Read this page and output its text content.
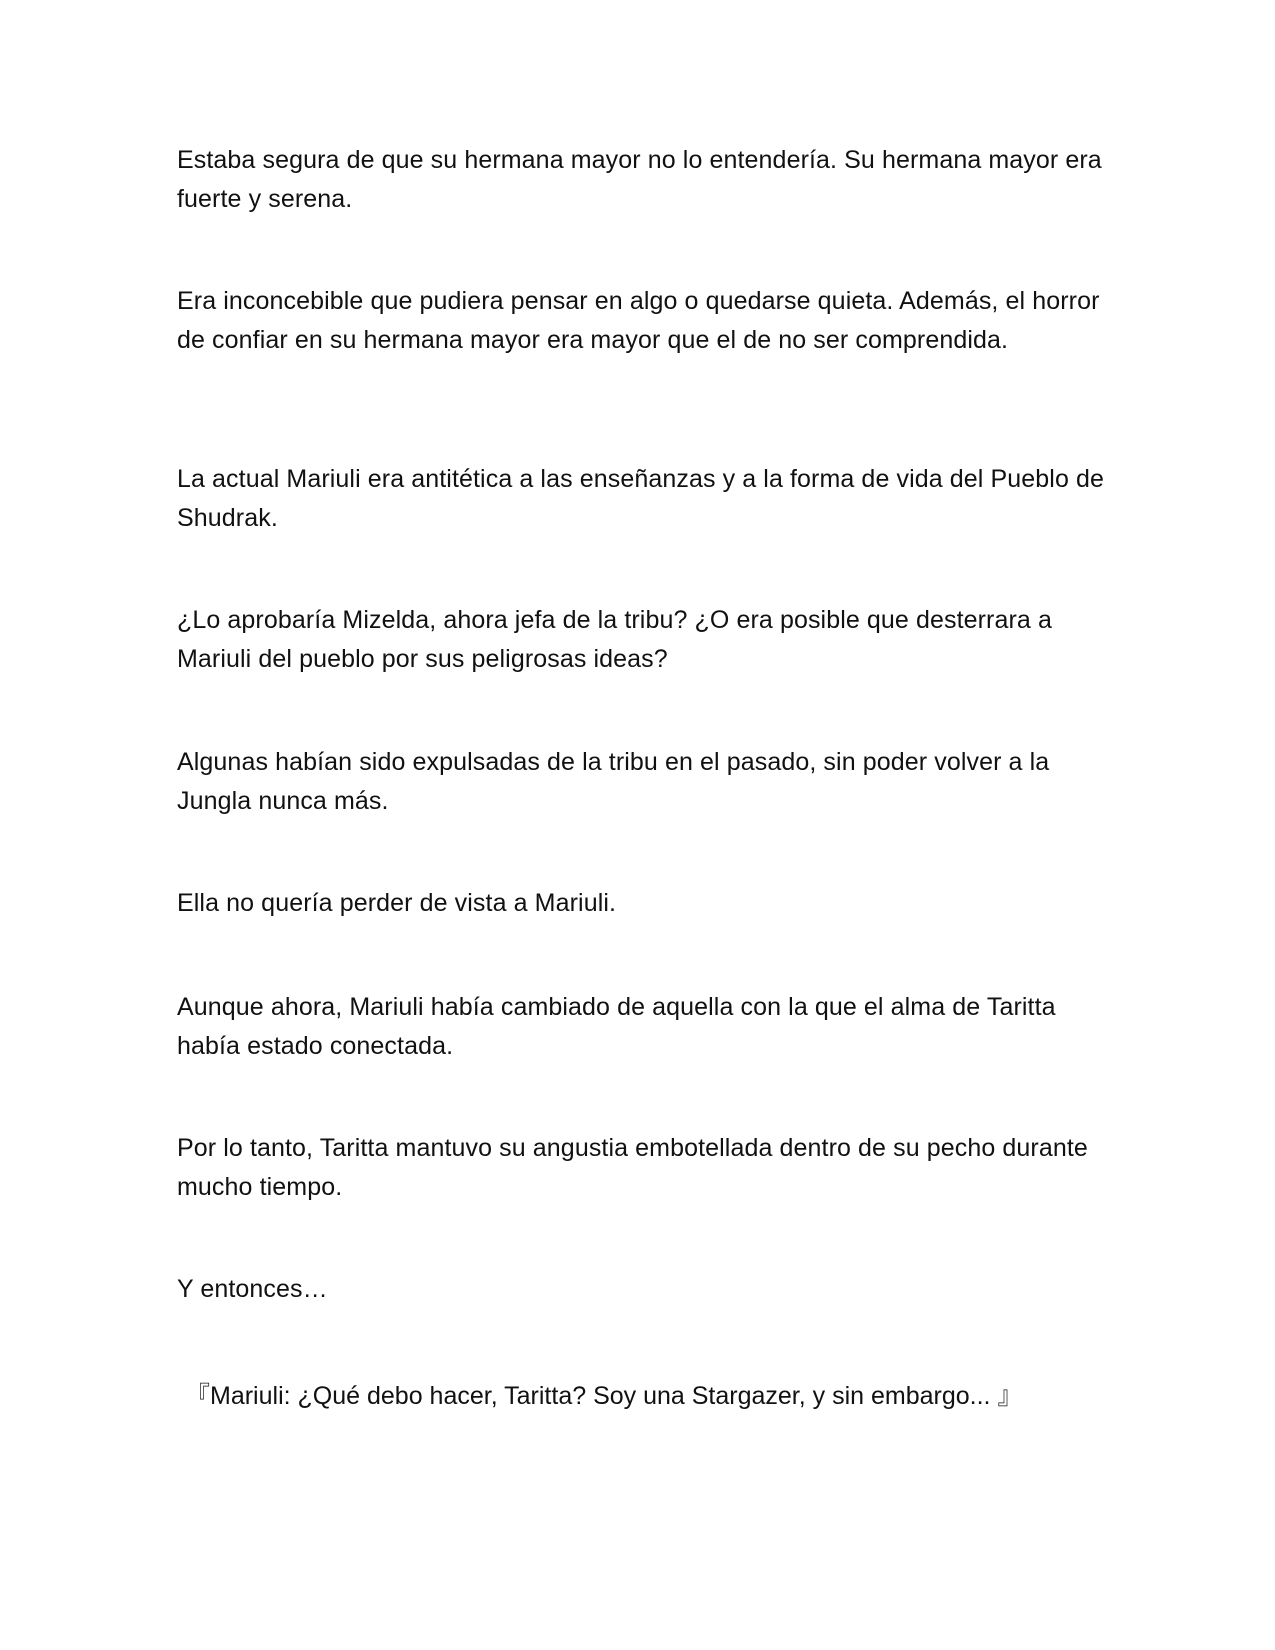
Estaba segura de que su hermana mayor no lo entendería. Su hermana mayor era fuerte y serena.

Era inconcebible que pudiera pensar en algo o quedarse quieta. Además, el horror de confiar en su hermana mayor era mayor que el de no ser comprendida.

La actual Mariuli era antitética a las enseñanzas y a la forma de vida del Pueblo de Shudrak.

¿Lo aprobaría Mizelda, ahora jefa de la tribu? ¿O era posible que desterrara a Mariuli del pueblo por sus peligrosas ideas?

Algunas habían sido expulsadas de la tribu en el pasado, sin poder volver a la Jungla nunca más.

Ella no quería perder de vista a Mariuli.

Aunque ahora, Mariuli había cambiado de aquella con la que el alma de Taritta había estado conectada.

Por lo tanto, Taritta mantuvo su angustia embotellada dentro de su pecho durante mucho tiempo.

Y entonces…

『Mariuli: ¿Qué debo hacer, Taritta? Soy una Stargazer, y sin embargo... 』
